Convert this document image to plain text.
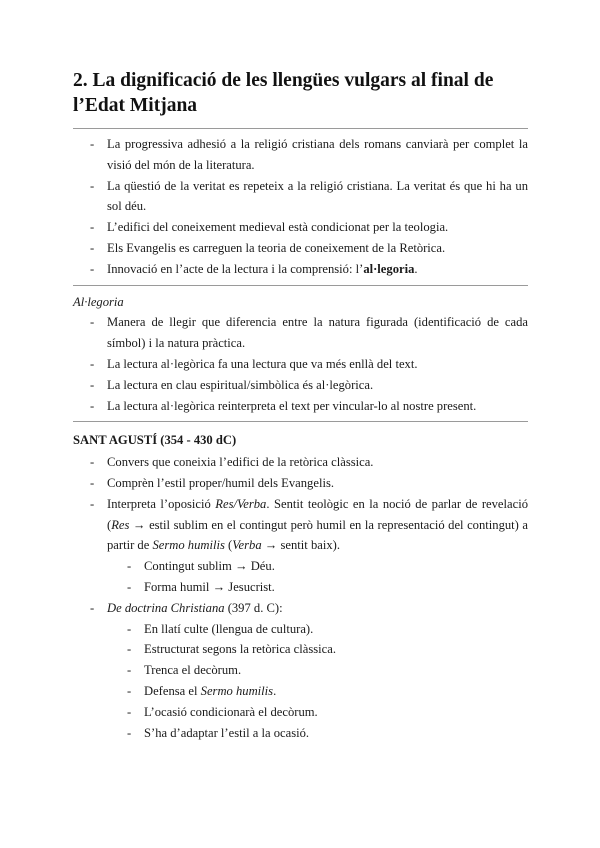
2. La dignificació de les llengües vulgars al final de l’Edat Mitjana
- La progressiva adhesió a la religió cristiana dels romans canviarà per complet la visió del món de la literatura.
- La qüestió de la veritat es repeteix a la religió cristiana. La veritat és que hi ha un sol déu.
- L’edifici del coneixement medieval està condicionat per la teologia.
- Els Evangelis es carreguen la teoria de coneixement de la Retòrica.
- Innovació en l’acte de la lectura i la comprensió: l’al·legoria.
Al·legoria
- Manera de llegir que diferencia entre la natura figurada (identificació de cada símbol) i la natura pràctica.
- La lectura al·legòrica fa una lectura que va més enllà del text.
- La lectura en clau espiritual/simbòlica és al·legòrica.
- La lectura al·legòrica reinterpreta el text per vincular-lo al nostre present.
SANT AGUSTÍ (354 - 430 dC)
- Convers que coneixia l’edifici de la retòrica clàssica.
- Comprèn l’estil proper/humil dels Evangelis.
- Interpreta l’oposició Res/Verba. Sentit teològic en la noció de parlar de revelació (Res → estil sublim en el contingut però humil en la representació del contingut) a partir de Sermo humilis (Verba → sentit baix).
- Contingut sublim → Déu.
- Forma humil → Jesucrist.
- De doctrina Christiana (397 d. C):
- En llatí culte (llengua de cultura).
- Estructurat segons la retòrica clàssica.
- Trenca el decòrum.
- Defensa el Sermo humilis.
- L’ocasió condicionarà el decòrum.
- S’ha d’adaptar l’estil a la ocasió.
